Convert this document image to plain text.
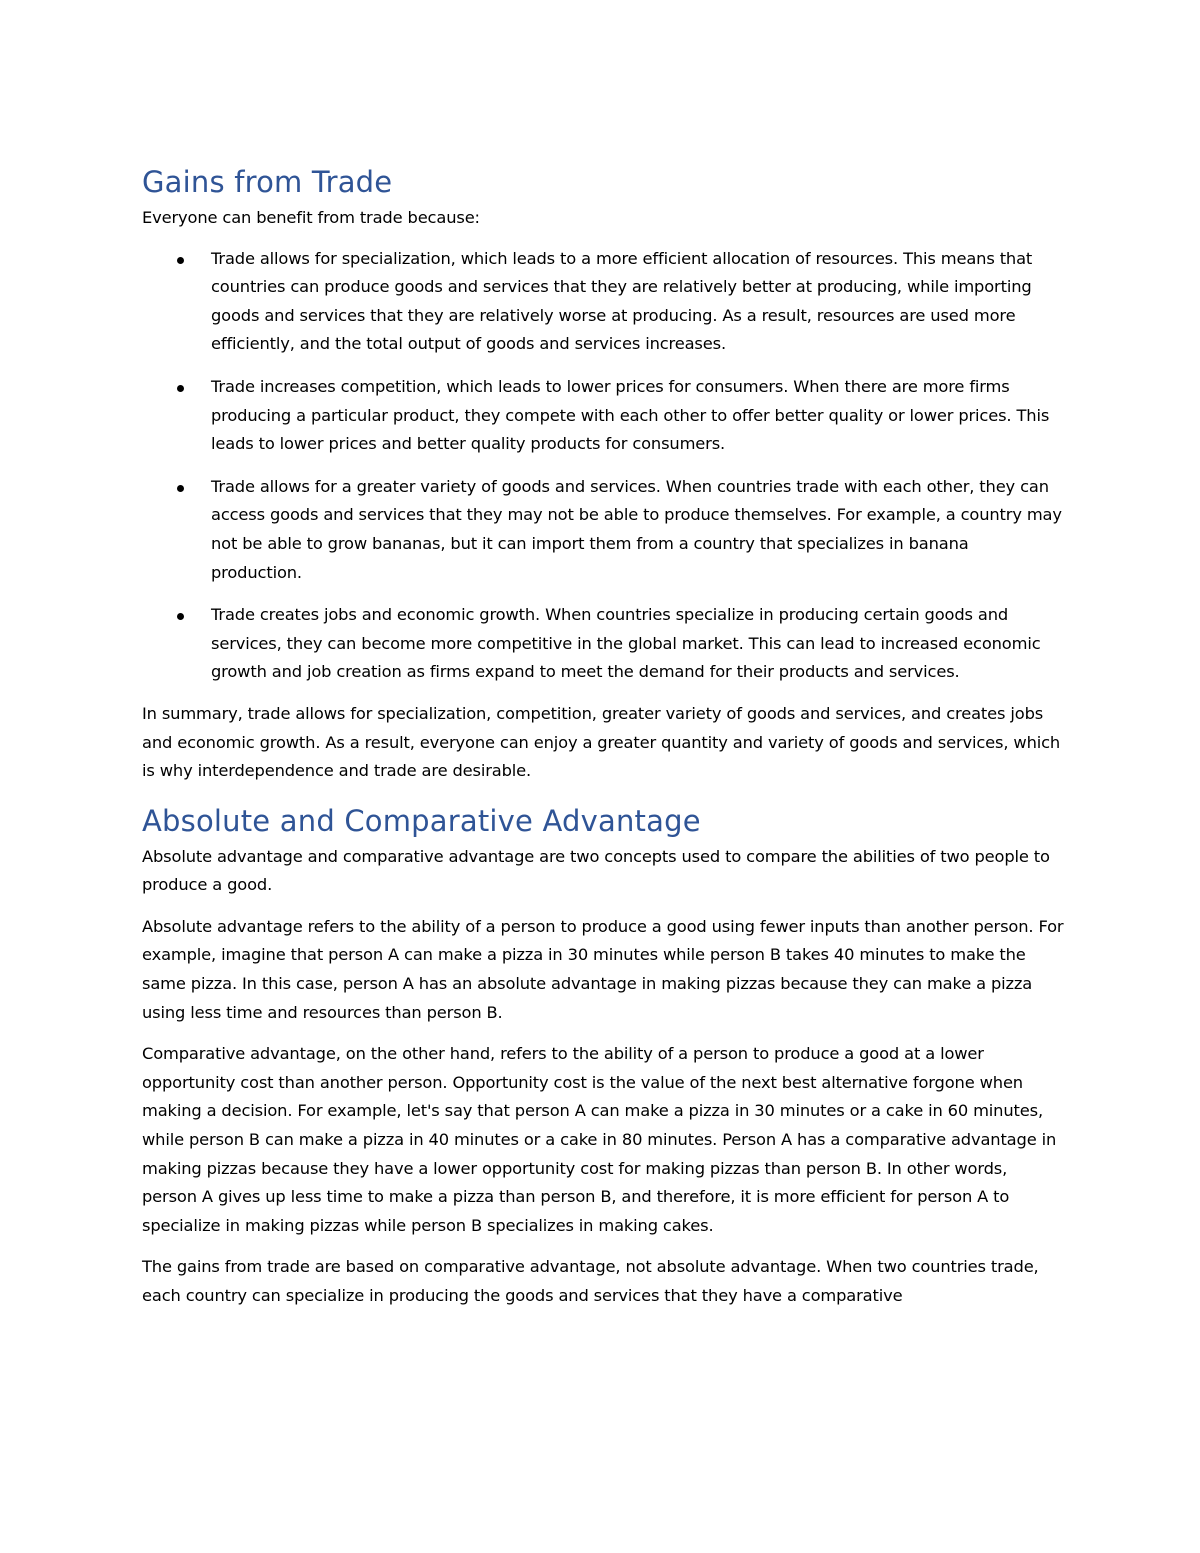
Gains from Trade

Everyone can benefit from trade because:

Trade allows for specialization, which leads to a more efficient allocation of resources. This means that countries can produce goods and services that they are relatively better at producing, while importing goods and services that they are relatively worse at producing. As a result, resources are used more efficiently, and the total output of goods and services increases.
Trade increases competition, which leads to lower prices for consumers. When there are more firms producing a particular product, they compete with each other to offer better quality or lower prices. This leads to lower prices and better quality products for consumers.
Trade allows for a greater variety of goods and services. When countries trade with each other, they can access goods and services that they may not be able to produce themselves. For example, a country may not be able to grow bananas, but it can import them from a country that specializes in banana production.
Trade creates jobs and economic growth. When countries specialize in producing certain goods and services, they can become more competitive in the global market. This can lead to increased economic growth and job creation as firms expand to meet the demand for their products and services.

In summary, trade allows for specialization, competition, greater variety of goods and services, and creates jobs and economic growth. As a result, everyone can enjoy a greater quantity and variety of goods and services, which is why interdependence and trade are desirable.

Absolute and Comparative Advantage

Absolute advantage and comparative advantage are two concepts used to compare the abilities of two people to produce a good.

Absolute advantage refers to the ability of a person to produce a good using fewer inputs than another person. For example, imagine that person A can make a pizza in 30 minutes while person B takes 40 minutes to make the same pizza. In this case, person A has an absolute advantage in making pizzas because they can make a pizza using less time and resources than person B.

Comparative advantage, on the other hand, refers to the ability of a person to produce a good at a lower opportunity cost than another person. Opportunity cost is the value of the next best alternative forgone when making a decision. For example, let's say that person A can make a pizza in 30 minutes or a cake in 60 minutes, while person B can make a pizza in 40 minutes or a cake in 80 minutes. Person A has a comparative advantage in making pizzas because they have a lower opportunity cost for making pizzas than person B. In other words, person A gives up less time to make a pizza than person B, and therefore, it is more efficient for person A to specialize in making pizzas while person B specializes in making cakes.

The gains from trade are based on comparative advantage, not absolute advantage. When two countries trade, each country can specialize in producing the goods and services that they have a comparative
